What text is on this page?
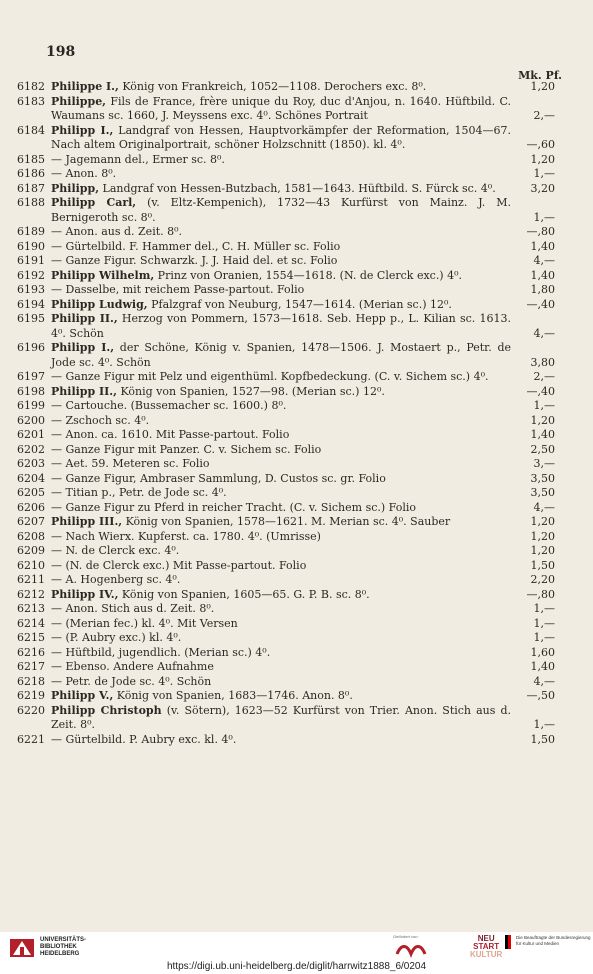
198
Mk. Pf.
6182 Philippe I., König von Frankreich, 1052—1108. Derochers exc. 8⁰.	1,20
6183 Philippe, Fils de France, frère unique du Roy, duc d'Anjou, n. 1640. Hüftbild. C. Waumans sc. 1660, J. Meyssens exc. 4⁰. Schönes Portrait	2,—
6184 Philipp I., Landgraf von Hessen, Hauptvorkämpfer der Reformation, 1504—67. Nach altem Originalportrait, schöner Holzschnitt (1850). kl. 4⁰.	—,60
6185 — Jagemann del., Ermer sc. 8⁰.	1,20
6186 — Anon. 8⁰.	1,—
6187 Philipp, Landgraf von Hessen-Butzbach, 1581—1643. Hüftbild. S. Fürck sc. 4⁰.	3,20
6188 Philipp Carl, (v. Eltz-Kempenich), 1732—43 Kurfürst von Mainz. J. M. Bernigeroth sc. 8⁰.	1,—
6189 — Anon. aus d. Zeit. 8⁰.	—,80
6190 — Gürtelbild. F. Hammer del., C. H. Müller sc. Folio	1,40
6191 — Ganze Figur. Schwarzk. J. J. Haid del. et sc. Folio	4,—
6192 Philipp Wilhelm, Prinz von Oranien, 1554—1618. (N. de Clerck exc.) 4⁰.	1,40
6193 — Dasselbe, mit reichem Passe-partout. Folio	1,80
6194 Philipp Ludwig, Pfalzgraf von Neuburg, 1547—1614. (Merian sc.) 12⁰.	—,40
6195 Philipp II., Herzog von Pommern, 1573—1618. Seb. Hepp p., L. Kilian sc. 1613. 4⁰. Schön	4,—
6196 Philipp I., der Schöne, König v. Spanien, 1478—1506. J. Mostaert p., Petr. de Jode sc. 4⁰. Schön	3,80
6197 — Ganze Figur mit Pelz und eigenthüml. Kopfbedeckung. (C. v. Sichem sc.) 4⁰.	2,—
6198 Philipp II., König von Spanien, 1527—98. (Merian sc.) 12⁰.	—,40
6199 — Cartouche. (Bussemacher sc. 1600.) 8⁰.	1,—
6200 — Zschoch sc. 4⁰.	1,20
6201 — Anon. ca. 1610. Mit Passe-partout. Folio	1,40
6202 — Ganze Figur mit Panzer. C. v. Sichem sc. Folio	2,50
6203 — Aet. 59. Meteren sc. Folio	3,—
6204 — Ganze Figur, Ambraser Sammlung, D. Custos sc. gr. Folio	3,50
6205 — Titian p., Petr. de Jode sc. 4⁰.	3,50
6206 — Ganze Figur zu Pferd in reicher Tracht. (C. v. Sichem sc.) Folio	4,—
6207 Philipp III., König von Spanien, 1578—1621. M. Merian sc. 4⁰. Sauber	1,20
6208 — Nach Wierx. Kupferst. ca. 1780. 4⁰. (Umrisse)	1,20
6209 — N. de Clerck exc. 4⁰.	1,20
6210 — (N. de Clerck exc.) Mit Passe-partout. Folio	1,50
6211 — A. Hogenberg sc. 4⁰.	2,20
6212 Philipp IV., König von Spanien, 1605—65. G. P. B. sc. 8⁰.	—,80
6213 — Anon. Stich aus d. Zeit. 8⁰.	1,—
6214 — (Merian fec.) kl. 4⁰. Mit Versen	1,—
6215 — (P. Aubry exc.) kl. 4⁰.	1,—
6216 — Hüftbild, jugendlich. (Merian sc.) 4⁰.	1,60
6217 — Ebenso. Andere Aufnahme	1,40
6218 — Petr. de Jode sc. 4⁰. Schön	4,—
6219 Philipp V., König von Spanien, 1683—1746. Anon. 8⁰.	—,50
6220 Philipp Christoph (v. Sötern), 1623—52 Kurfürst von Trier. Anon. Stich aus d. Zeit. 8⁰.	1,—
6221 — Gürtelbild. P. Aubry exc. kl. 4⁰.	1,50
UNIVERSITÄTS-
BIBLIOTHEK
HEIDELBERG
Gefördert von:	NEU
START
KULTUR
Die Beauftragte der Bundesregierung
für Kultur und Medien
https://digi.ub.uni-heidelberg.de/diglit/harrwitz1888_6/0204
